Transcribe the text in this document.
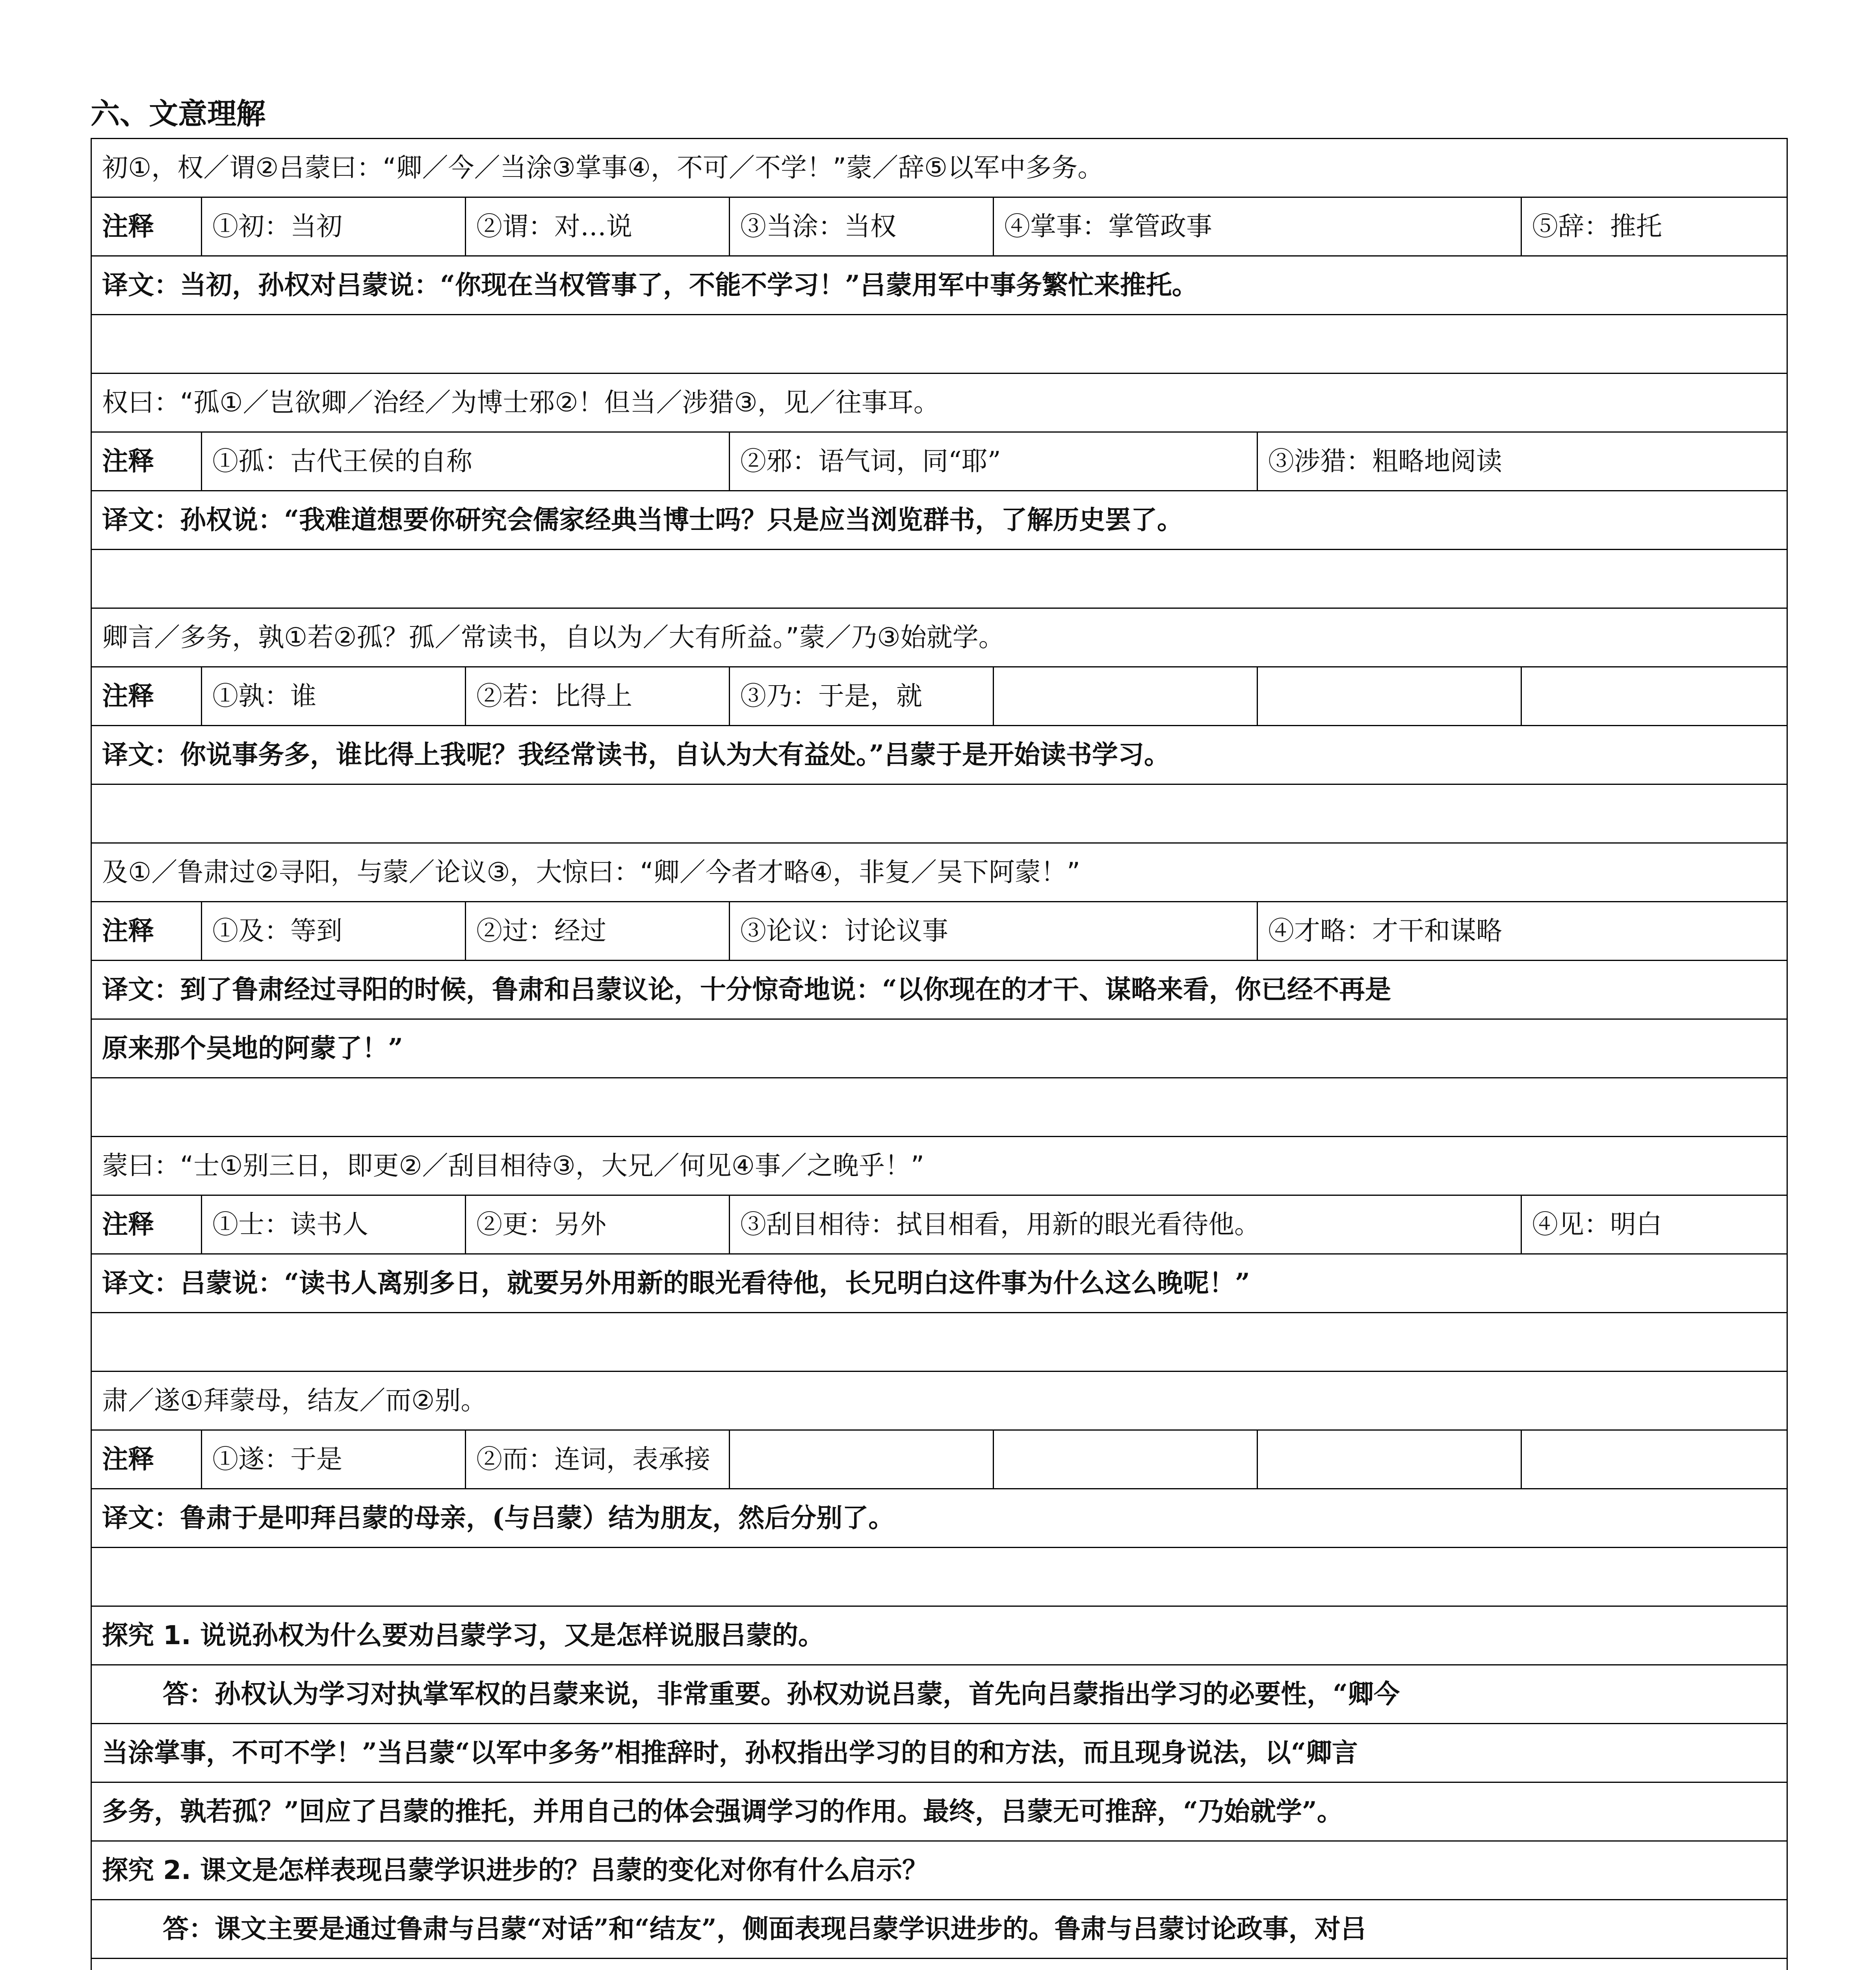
六、文意理解
初①，权／谓②吕蒙曰：“卿／今／当涂③掌事④，不可／不学！”蒙／辞⑤以军中多务。						
注释	①初：当初	②谓：对…说	③当涂：当权	④掌事：掌管政事		⑤辞：推托
译文：当初，孙权对吕蒙说：“你现在当权管事了，不能不学习！”吕蒙用军中事务繁忙来推托。						

权曰：“孤①／岂欲卿／治经／为博士邪②！但当／涉猎③，见／往事耳。						
注释	①孤：古代王侯的自称		②邪：语气词，同“耶”		③涉猎：粗略地阅读	
译文：孙权说：“我难道想要你研究会儒家经典当博士吗？只是应当浏览群书，了解历史罢了。						

卿言／多务，孰①若②孤？孤／常读书，自以为／大有所益。”蒙／乃③始就学。						
注释	①孰：谁	②若：比得上	③乃：于是，就			
译文：你说事务多，谁比得上我呢？我经常读书，自认为大有益处。”吕蒙于是开始读书学习。						

及①／鲁肃过②寻阳，与蒙／论议③，大惊曰：“卿／今者才略④，非复／吴下阿蒙！”						
注释	①及：等到	②过：经过	③论议：讨论议事		④才略：才干和谋略	
译文：到了鲁肃经过寻阳的时候，鲁肃和吕蒙议论，十分惊奇地说：“以你现在的才干、谋略来看，你已经不再是						
原来那个吴地的阿蒙了！”						

蒙曰：“士①别三日，即更②／刮目相待③，大兄／何见④事／之晚乎！”						
注释	①士：读书人	②更：另外	③刮目相待：拭目相看，用新的眼光看待他。			④见：明白
译文：吕蒙说：“读书人离别多日，就要另外用新的眼光看待他，长兄明白这件事为什么这么晚呢！”						

肃／遂①拜蒙母，结友／而②别。						
注释	①遂：于是	②而：连词，表承接				
译文：鲁肃于是叩拜吕蒙的母亲，(与吕蒙）结为朋友，然后分别了。						

探究 1. 说说孙权为什么要劝吕蒙学习，又是怎样说服吕蒙的。						
答：孙权认为学习对执掌军权的吕蒙来说，非常重要。孙权劝说吕蒙，首先向吕蒙指出学习的必要性，“卿今						
当涂掌事，不可不学！”当吕蒙“以军中多务”相推辞时，孙权指出学习的目的和方法，而且现身说法，以“卿言						
多务，孰若孤？”回应了吕蒙的推托，并用自己的体会强调学习的作用。最终，吕蒙无可推辞，“乃始就学”。						
探究 2. 课文是怎样表现吕蒙学识进步的？吕蒙的变化对你有什么启示？						
答：课文主要是通过鲁肃与吕蒙“对话”和“结友”，侧面表现吕蒙学识进步的。鲁肃与吕蒙讨论政事，对吕						
